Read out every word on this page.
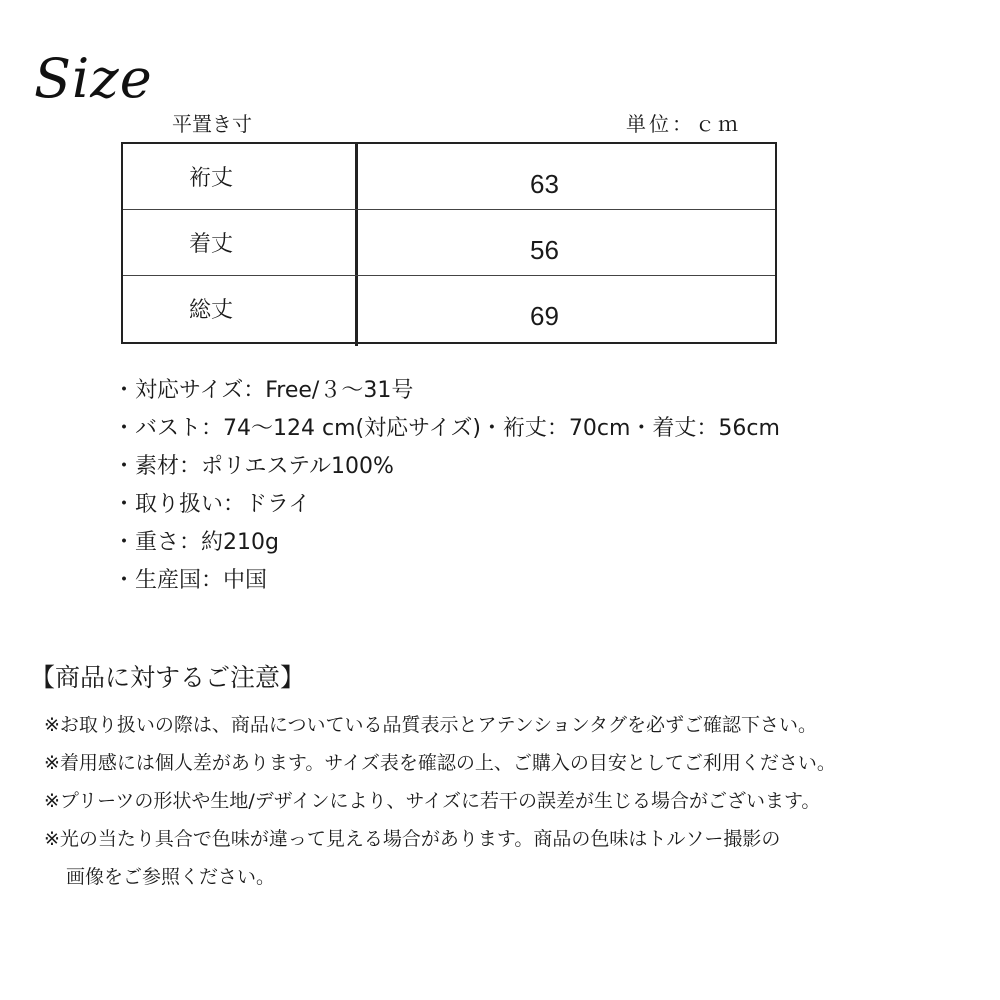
Size
平置き寸	単位：ｃｍ
裄丈	63
着丈	56
総丈	69
・対応サイズ：Free/３～31号
・バスト：74～124 cm(対応サイズ)・裄丈：70cm・着丈：56cm
・素材：ポリエステル100%
・取り扱い：ドライ
・重さ：約210g
・生産国：中国
【商品に対するご注意】
※お取り扱いの際は、商品についている品質表示とアテンションタグを必ずご確認下さい。
※着用感には個人差があります。サイズ表を確認の上、ご購入の目安としてご利用ください。
※プリーツの形状や生地/デザインにより、サイズに若干の誤差が生じる場合がございます。
※光の当たり具合で色味が違って見える場合があります。商品の色味はトルソー撮影の
画像をご参照ください。
